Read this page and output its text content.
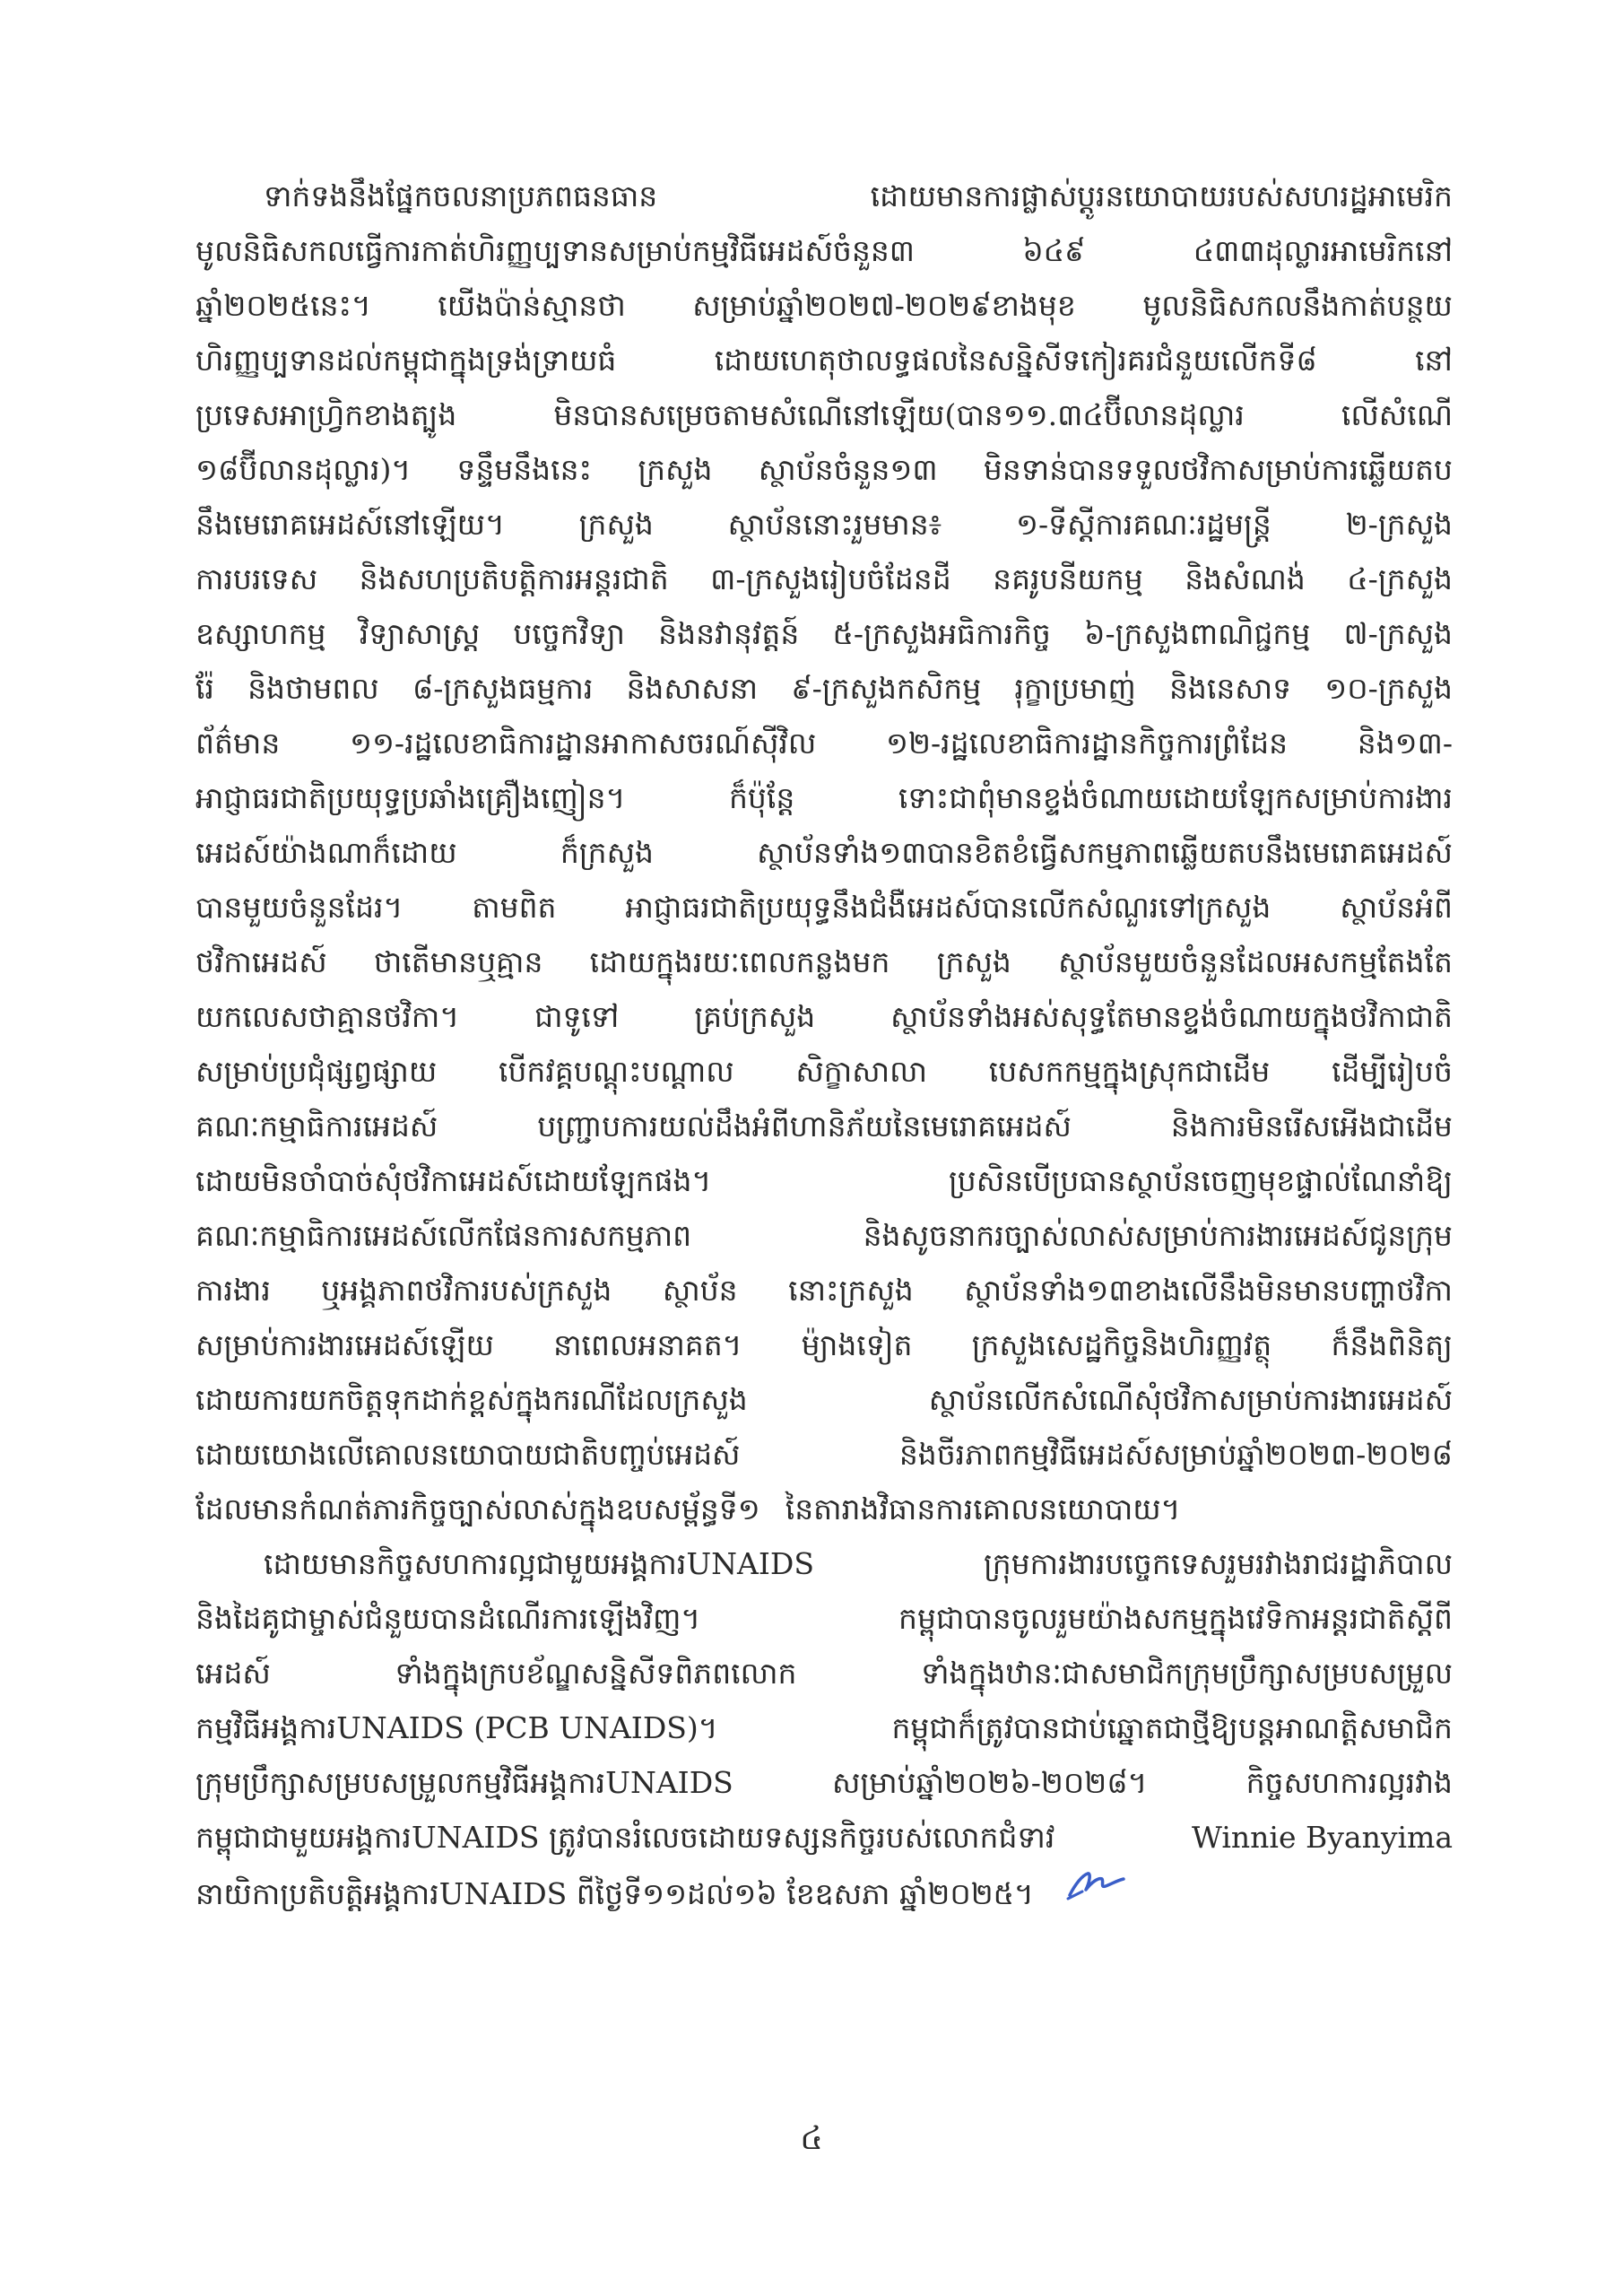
ទាក់ទងនឹងផ្នែកចលនាប្រភពធនធាន	ដោយមានការផ្លាស់ប្តូរនយោបាយរបស់សហរដ្ឋអាមេរិក
មូលនិធិសកលធ្វើការកាត់ហិរញ្ញប្បទានសម្រាប់កម្មវិធីអេដស៍ចំនួន៣	៦៤៩	៤៣៣ដុល្លារអាមេរិកនៅ
ឆ្នាំ២០២៥នេះ។ យើងប៉ាន់ស្មានថា សម្រាប់ឆ្នាំ២០២៧-២០២៩ខាងមុខ មូលនិធិសកលនឹងកាត់បន្ថយ
ហិរញ្ញប្បទានដល់កម្ពុជាក្នុងទ្រង់ទ្រាយធំ	ដោយហេតុថាលទ្ធផលនៃសន្និសីទកៀរគរជំនួយលើកទី៨	នៅ
ប្រទេសអាហ្វ្រិកខាងត្បូង	មិនបានសម្រេចតាមសំណើនៅឡើយ(បាន១១.៣៤ប៊ីលានដុល្លារ	លើសំណើ
១៨ប៊ីលានដុល្លារ)។ ទន្ទឹមនឹងនេះ ក្រសួង ស្ថាប័នចំនួន១៣ មិនទាន់បានទទួលថវិកាសម្រាប់ការឆ្លើយតប
នឹងមេរោគអេដស៍នៅឡើយ។	ក្រសួង	ស្ថាប័ននោះរួមមាន៖	១-ទីស្តីការគណៈរដ្ឋមន្ត្រី	២-ក្រសួង
ការបរទេស និងសហប្រតិបត្តិការអន្តរជាតិ ៣-ក្រសួងរៀបចំដែនដី នគរូបនីយកម្ម និងសំណង់ ៤-ក្រសួង
ឧស្សាហកម្ម វិទ្យាសាស្ត្រ បច្ចេកវិទ្យា និងនវានុវត្តន៍ ៥-ក្រសួងអធិការកិច្ច ៦-ក្រសួងពាណិជ្ជកម្ម ៧-ក្រសួង
រ៉ែ និងថាមពល ៨-ក្រសួងធម្មការ និងសាសនា ៩-ក្រសួងកសិកម្ម រុក្ខាប្រមាញ់ និងនេសាទ ១០-ក្រសួង
ព័ត៌មាន ១១-រដ្ឋលេខាធិការដ្ឋានអាកាសចរណ៍ស៊ីវិល ១២-រដ្ឋលេខាធិការដ្ឋានកិច្ចការព្រំដែន និង១៣-
អាជ្ញាធរជាតិប្រយុទ្ធប្រឆាំងគ្រឿងញៀន។	ក៏ប៉ុន្តែ	ទោះជាពុំមានខ្ទង់ចំណាយដោយឡែកសម្រាប់ការងារ
អេដស៍យ៉ាងណាក៏ដោយ	ក៏ក្រសួង	ស្ថាប័នទាំង១៣បានខិតខំធ្វើសកម្មភាពឆ្លើយតបនឹងមេរោគអេដស៍
បានមួយចំនួនដែរ។ តាមពិត អាជ្ញាធរជាតិប្រយុទ្ធនឹងជំងឺអេដស៍បានលើកសំណួរទៅក្រសួង ស្ថាប័នអំពី
ថវិកាអេដស៍ ថាតើមានឬគ្មាន ដោយក្នុងរយៈពេលកន្លងមក ក្រសួង ស្ថាប័នមួយចំនួនដែលអសកម្មតែងតែ
យកលេសថាគ្មានថវិកា។	ជាទូទៅ	គ្រប់ក្រសួង	ស្ថាប័នទាំងអស់សុទ្ធតែមានខ្ទង់ចំណាយក្នុងថវិកាជាតិ
សម្រាប់ប្រជុំផ្សព្វផ្សាយ បើកវគ្គបណ្តុះបណ្តាល សិក្ខាសាលា បេសកកម្មក្នុងស្រុកជាដើម ដើម្បីរៀបចំ
គណៈកម្មាធិការអេដស៍	បញ្ជ្រាបការយល់ដឹងអំពីហានិភ័យនៃមេរោគអេដស៍	និងការមិនរើសអើងជាដើម
ដោយមិនចាំបាច់សុំថវិកាអេដស៍ដោយឡែកផង។	ប្រសិនបើប្រធានស្ថាប័នចេញមុខផ្ទាល់ណែនាំឱ្យ
គណៈកម្មាធិការអេដស៍លើកផែនការសកម្មភាព	និងសូចនាករច្បាស់លាស់សម្រាប់ការងារអេដស៍ជូនក្រុម
ការងារ ឬអង្គភាពថវិការបស់ក្រសួង ស្ថាប័ន នោះក្រសួង ស្ថាប័នទាំង១៣ខាងលើនឹងមិនមានបញ្ហាថវិកា
សម្រាប់ការងារអេដស៍ឡើយ នាពេលអនាគត។ ម៉្យាងទៀត ក្រសួងសេដ្ឋកិច្ចនិងហិរញ្ញវត្ថុ ក៏នឹងពិនិត្យ
ដោយការយកចិត្តទុកដាក់ខ្ពស់ក្នុងករណីដែលក្រសួង	ស្ថាប័នលើកសំណើសុំថវិកាសម្រាប់ការងារអេដស៍
ដោយយោងលើគោលនយោបាយជាតិបញ្ចប់អេដស៍	និងចីរភាពកម្មវិធីអេដស៍សម្រាប់ឆ្នាំ២០២៣-២០២៨
ដែលមានកំណត់ភារកិច្ចច្បាស់លាស់ក្នុងឧបសម្ព័ន្ធទី១ នៃតារាងវិធានការគោលនយោបាយ។
ដោយមានកិច្ចសហការល្អជាមួយអង្គការUNAIDS	ក្រុមការងារបច្ចេកទេសរួមរវាងរាជរដ្ឋាភិបាល
និងដៃគូជាម្ចាស់ជំនួយបានដំណើរការឡើងវិញ។	កម្ពុជាបានចូលរួមយ៉ាងសកម្មក្នុងវេទិកាអន្តរជាតិស្តីពី
អេដស៍	ទាំងក្នុងក្របខ័ណ្ឌសន្និសីទពិភពលោក	ទាំងក្នុងឋានៈជាសមាជិកក្រុមប្រឹក្សាសម្របសម្រួល
កម្មវិធីអង្គការUNAIDS (PCB UNAIDS)។	កម្ពុជាក៏ត្រូវបានជាប់ឆ្នោតជាថ្មីឱ្យបន្តអាណត្តិសមាជិក
ក្រុមប្រឹក្សាសម្របសម្រួលកម្មវិធីអង្គការUNAIDS	សម្រាប់ឆ្នាំ២០២៦-២០២៨។	កិច្ចសហការល្អរវាង
កម្ពុជាជាមួយអង្គការUNAIDS ត្រូវបានរំលេចដោយទស្សនកិច្ចរបស់លោកជំទាវ	Winnie Byanyima
នាយិកាប្រតិបត្តិអង្គការUNAIDS ពីថ្ងៃទី១១ដល់១៦ ខែឧសភា ឆ្នាំ២០២៥។
៤
